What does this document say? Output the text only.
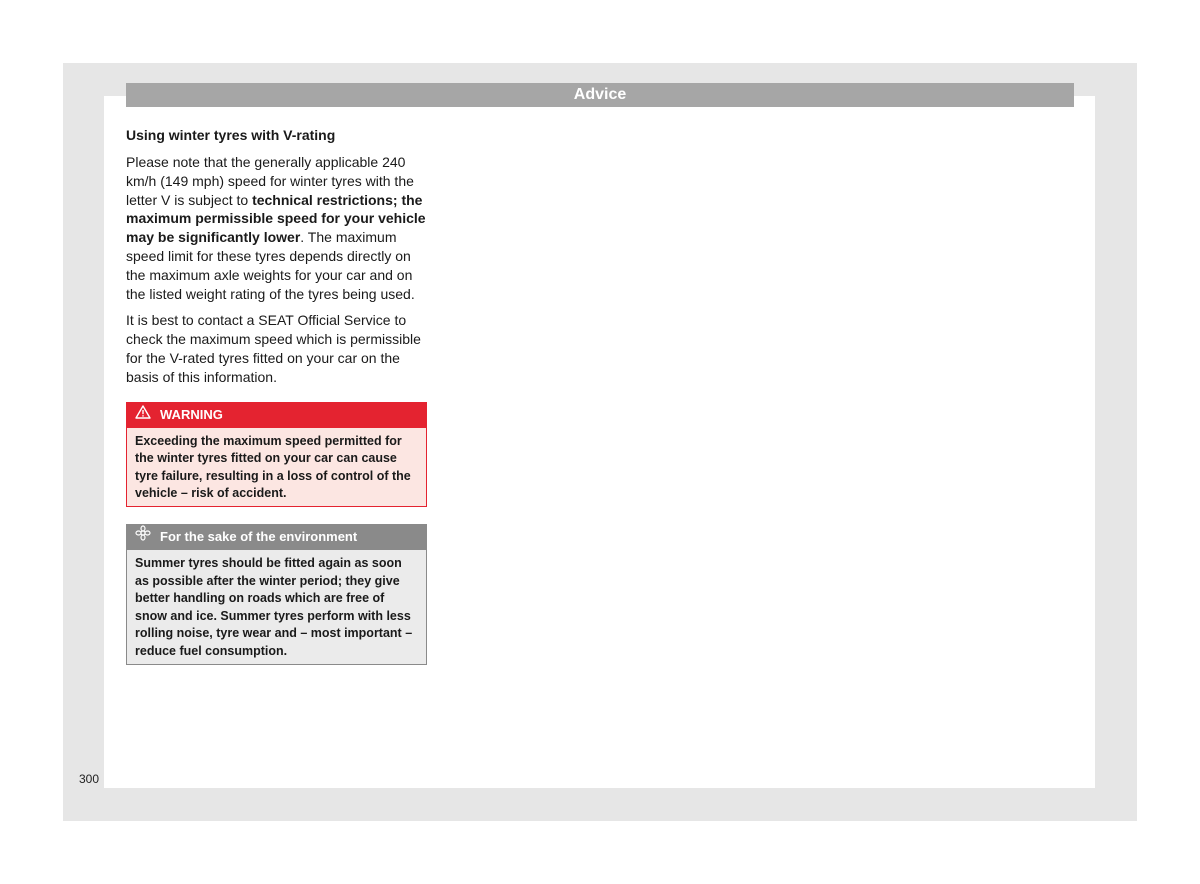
Advice
Using winter tyres with V-rating

Please note that the generally applicable 240 km/h (149 mph) speed for winter tyres with the letter V is subject to technical restrictions; the maximum permissible speed for your vehicle may be significantly lower. The maximum speed limit for these tyres depends directly on the maximum axle weights for your car and on the listed weight rating of the tyres being used.

It is best to contact a SEAT Official Service to check the maximum speed which is permissible for the V-rated tyres fitted on your car on the basis of this information.

WARNING
Exceeding the maximum speed permitted for the winter tyres fitted on your car can cause tyre failure, resulting in a loss of control of the vehicle – risk of accident.
For the sake of the environment
Summer tyres should be fitted again as soon as possible after the winter period; they give better handling on roads which are free of snow and ice. Summer tyres perform with less rolling noise, tyre wear and – most important – reduce fuel consumption.
300
